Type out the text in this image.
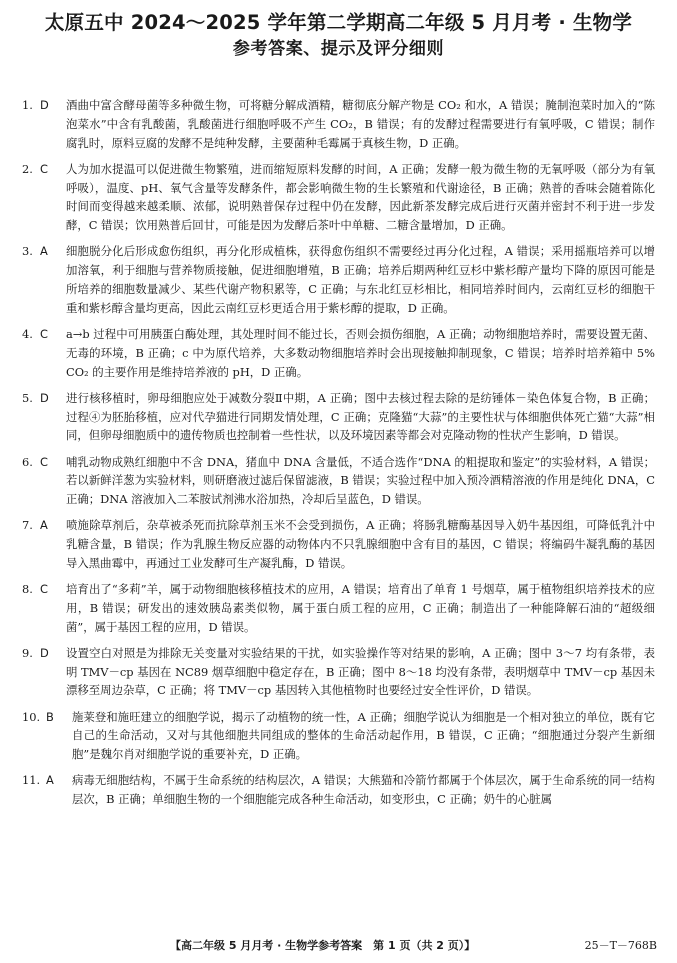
太原五中 2024～2025 学年第二学期高二年级 5 月月考 · 生物学
参考答案、提示及评分细则
1. D	酒曲中富含酵母菌等多种微生物，可将糖分解成酒精，糖彻底分解产物是 CO₂ 和水，A 错误；腌制泡菜时加入的“陈泡菜水”中含有乳酸菌，乳酸菌进行细胞呼吸不产生 CO₂，B 错误；有的发酵过程需要进行有氧呼吸，C 错误；制作腐乳时，原料豆腐的发酵不是纯种发酵，主要菌种毛霉属于真核生物，D 正确。
2. C	人为加水提温可以促进微生物繁殖，进而缩短原料发酵的时间，A 正确；发酵一般为微生物的无氧呼吸（部分为有氧呼吸），温度、pH、氧气含量等发酵条件，都会影响微生物的生长繁殖和代谢途径，B 正确；熟普的香味会随着陈化时间而变得越来越柔顺、浓郁，说明熟普保存过程中仍在发酵，因此新茶发酵完成后进行灭菌并密封不利于进一步发酵，C 错误；饮用熟普后回甘，可能是因为发酵后茶叶中单糖、二糖含量增加，D 正确。
3. A	细胞脱分化后形成愈伤组织，再分化形成植株，获得愈伤组织不需要经过再分化过程，A 错误；采用摇瓶培养可以增加溶氧，利于细胞与营养物质接触，促进细胞增殖，B 正确；培养后期两种红豆杉中紫杉醇产量均下降的原因可能是所培养的细胞数量减少、某些代谢产物积累等，C 正确；与东北红豆杉相比，相同培养时间内，云南红豆杉的细胞干重和紫杉醇含量均更高，因此云南红豆杉更适合用于紫杉醇的提取，D 正确。
4. C	a→b 过程中可用胰蛋白酶处理，其处理时间不能过长，否则会损伤细胞，A 正确；动物细胞培养时，需要设置无菌、无毒的环境，B 正确；c 中为原代培养，大多数动物细胞培养时会出现接触抑制现象，C 错误；培养时培养箱中 5% CO₂ 的主要作用是维持培养液的 pH，D 正确。
5. D	进行核移植时，卵母细胞应处于减数分裂Ⅱ中期，A 正确；图中去核过程去除的是纺锤体－染色体复合物，B 正确；过程④为胚胎移植，应对代孕猫进行同期发情处理，C 正确；克隆猫“大蒜”的主要性状与体细胞供体死亡猫“大蒜”相同，但卵母细胞质中的遗传物质也控制着一些性状，以及环境因素等都会对克隆动物的性状产生影响，D 错误。
6. C	哺乳动物成熟红细胞中不含 DNA，猪血中 DNA 含量低，不适合选作“DNA 的粗提取和鉴定”的实验材料，A 错误；若以新鲜洋葱为实验材料，则研磨液过滤后保留滤液，B 错误；实验过程中加入预冷酒精溶液的作用是纯化 DNA，C 正确；DNA 溶液加入二苯胺试剂沸水浴加热，冷却后呈蓝色，D 错误。
7. A	喷施除草剂后，杂草被杀死而抗除草剂玉米不会受到损伤，A 正确；将肠乳糖酶基因导入奶牛基因组，可降低乳汁中乳糖含量，B 错误；作为乳腺生物反应器的动物体内不只乳腺细胞中含有目的基因，C 错误；将编码牛凝乳酶的基因导入黑曲霉中，再通过工业发酵可生产凝乳酶，D 错误。
8. C	培育出了“多莉”羊，属于动物细胞核移植技术的应用，A 错误；培育出了单育 1 号烟草，属于植物组织培养技术的应用，B 错误；研发出的速效胰岛素类似物，属于蛋白质工程的应用，C 正确；制造出了一种能降解石油的“超级细菌”，属于基因工程的应用，D 错误。
9. D	设置空白对照是为排除无关变量对实验结果的干扰，如实验操作等对结果的影响，A 正确；图中 3～7 均有条带，表明 TMV－cp 基因在 NC89 烟草细胞中稳定存在，B 正确；图中 8～18 均没有条带，表明烟草中 TMV－cp 基因未漂移至周边杂草，C 正确；将 TMV－cp 基因转入其他植物时也要经过安全性评价，D 错误。
10. B	施莱登和施旺建立的细胞学说，揭示了动植物的统一性，A 正确；细胞学说认为细胞是一个相对独立的单位，既有它自己的生命活动，又对与其他细胞共同组成的整体的生命活动起作用，B 错误，C 正确；“细胞通过分裂产生新细胞”是魏尔肖对细胞学说的重要补充，D 正确。
11. A	病毒无细胞结构，不属于生命系统的结构层次，A 错误；大熊猫和冷箭竹都属于个体层次，属于生命系统的同一结构层次，B 正确；单细胞生物的一个细胞能完成各种生命活动，如变形虫，C 正确；奶牛的心脏属
【高二年级 5 月月考 · 生物学参考答案　第 1 页（共 2 页）】	25－T－768B
